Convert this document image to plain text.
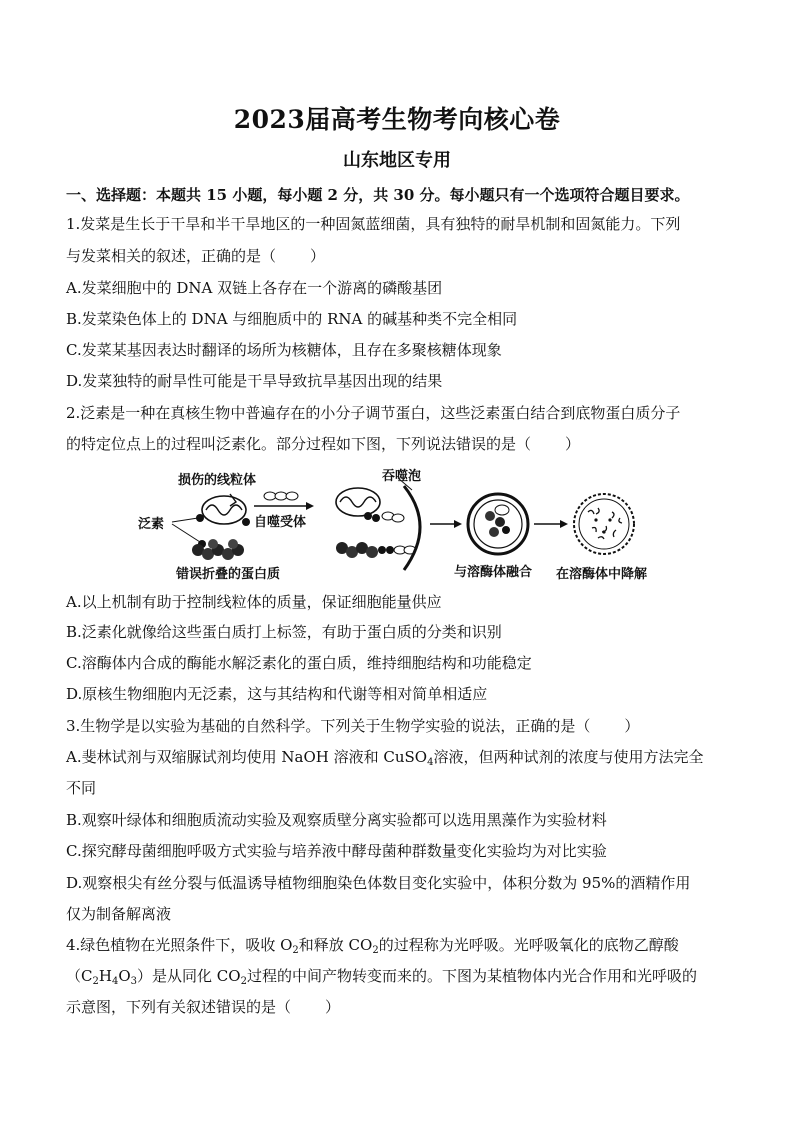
2023届高考生物考向核心卷
山东地区专用
一、选择题：本题共 15 小题，每小题 2 分，共 30 分。每小题只有一个选项符合题目要求。
1.发菜是生长于干旱和半干旱地区的一种固氮蓝细菌，具有独特的耐旱机制和固氮能力。下列
与发菜相关的叙述，正确的是（ ）
A.发菜细胞中的 DNA 双链上各存在一个游离的磷酸基团
B.发菜染色体上的 DNA 与细胞质中的 RNA 的碱基种类不完全相同
C.发菜某基因表达时翻译的场所为核糖体，且存在多聚核糖体现象
D.发菜独特的耐旱性可能是干旱导致抗旱基因出现的结果
2.泛素是一种在真核生物中普遍存在的小分子调节蛋白，这些泛素蛋白结合到底物蛋白质分子
的特定位点上的过程叫泛素化。部分过程如下图，下列说法错误的是（ ）
损伤的线粒体
泛素	自噬受体
错误折叠的蛋白质
吞噬泡
与溶酶体融合 在溶酶体中降解
A.以上机制有助于控制线粒体的质量，保证细胞能量供应
B.泛素化就像给这些蛋白质打上标签，有助于蛋白质的分类和识别
C.溶酶体内合成的酶能水解泛素化的蛋白质，维持细胞结构和功能稳定
D.原核生物细胞内无泛素，这与其结构和代谢等相对简单相适应
3.生物学是以实验为基础的自然科学。下列关于生物学实验的说法，正确的是（ ）
A.斐林试剂与双缩脲试剂均使用 NaOH 溶液和 CuSO$_4$溶液，但两种试剂的浓度与使用方法完全
不同
B.观察叶绿体和细胞质流动实验及观察质壁分离实验都可以选用黑藻作为实验材料
C.探究酵母菌细胞呼吸方式实验与培养液中酵母菌种群数量变化实验均为对比实验
D.观察根尖有丝分裂与低温诱导植物细胞染色体数目变化实验中，体积分数为 95%的酒精作用
仅为制备解离液
4.绿色植物在光照条件下，吸收 $O_2$和释放 $CO_2$的过程称为光呼吸。光呼吸氧化的底物乙醇酸
$(C_2H_4O_3)$是从同化 $CO_2$过程的中间产物转变而来的。下图为某植物体内光合作用和光呼吸的
示意图，下列有关叙述错误的是（ ）
